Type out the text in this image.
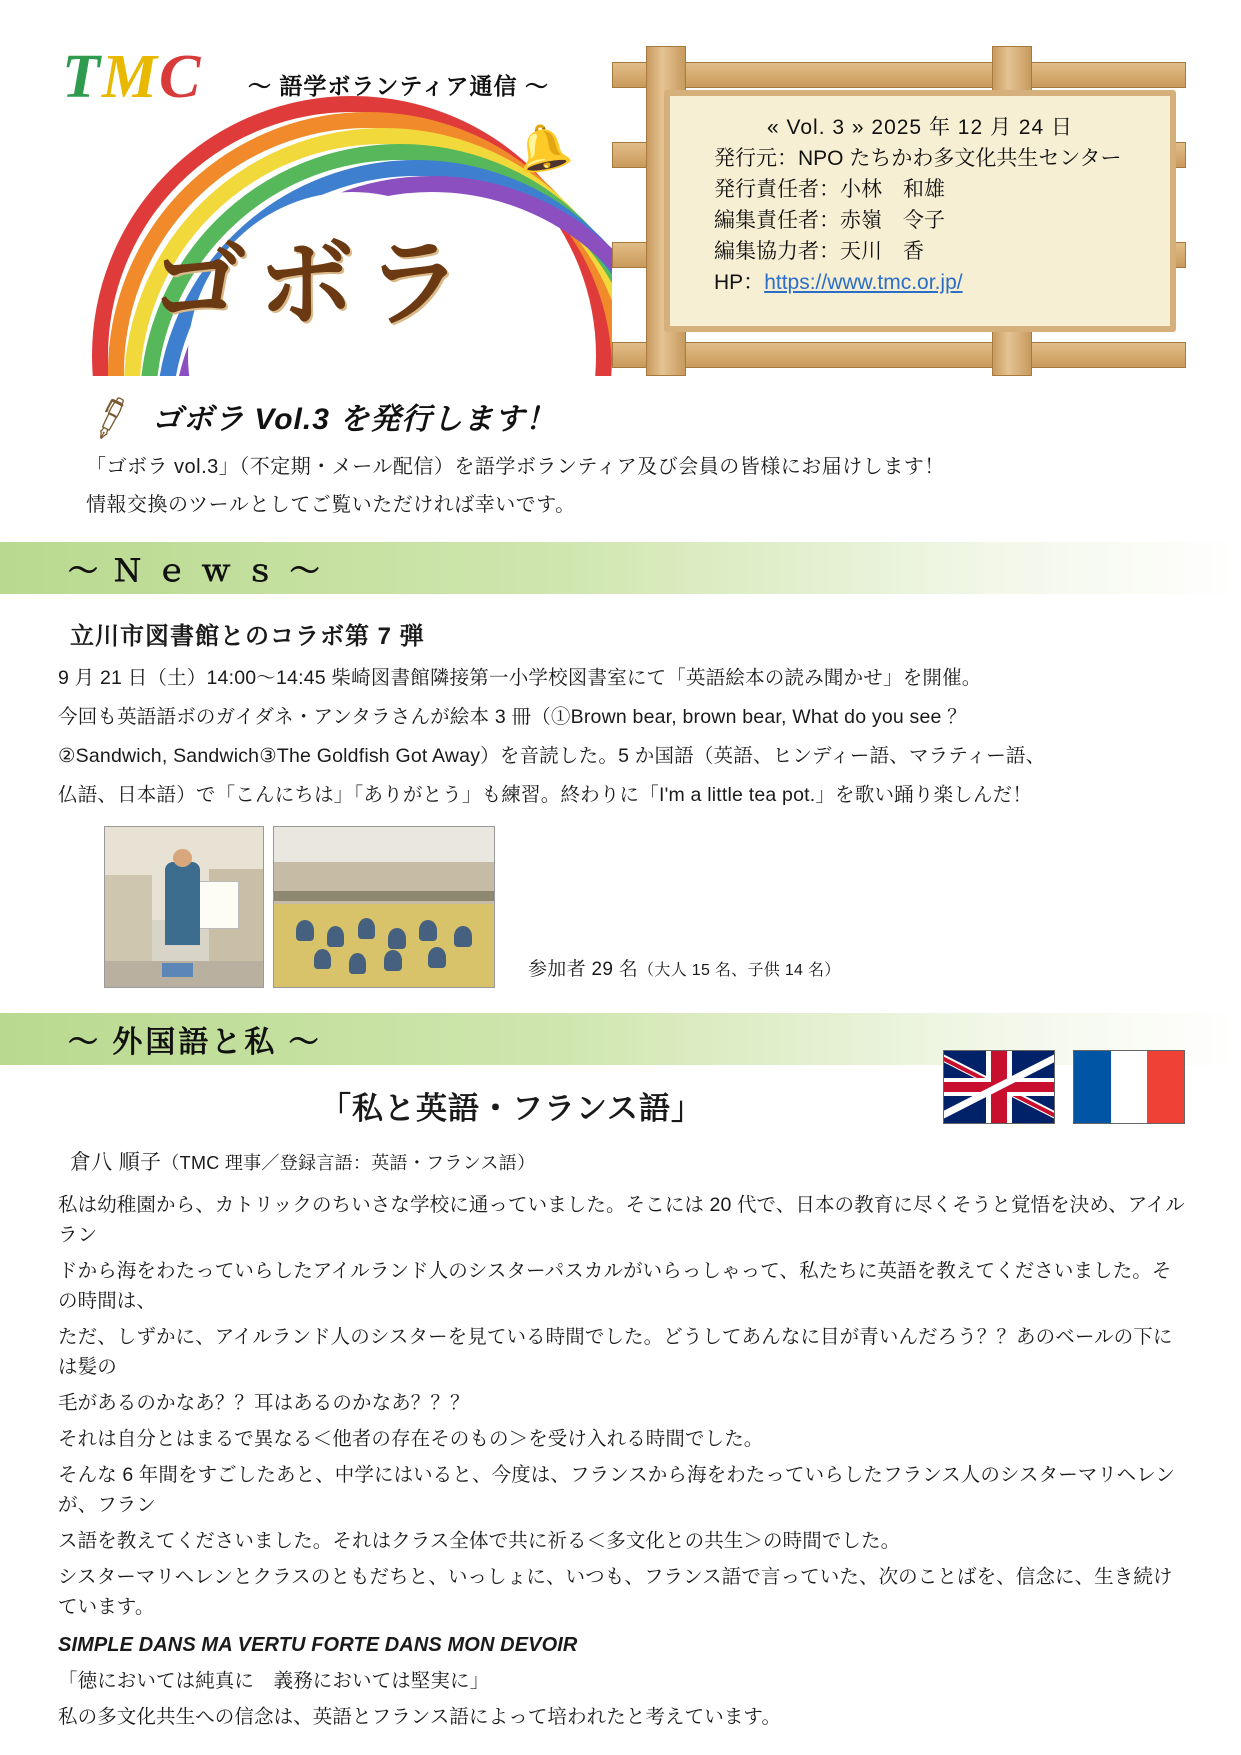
TMC 〜 語学ボランティア通信 〜
🔔
ゴボラ
« Vol. 3 » 2025 年 12 月 24 日
発行元：NPO たちかわ多文化共生センター
発行責任者：小林　和雄
編集責任者：赤嶺　令子
編集協力者：天川　香
HP：https://www.tmc.or.jp/
🖋 ゴボラ Vol.3 を発行します！

「ゴボラ vol.3」（不定期・メール配信）を語学ボランティア及び会員の皆様にお届けします！

情報交換のツールとしてご覧いただければ幸いです。

〜 Ｎ ｅ ｗ ｓ 〜
立川市図書館とのコラボ第 7 弾

9 月 21 日（土）14:00〜14:45 柴崎図書館隣接第一小学校図書室にて「英語絵本の読み聞かせ」を開催。

今回も英語語ボのガイダネ・アンタラさんが絵本 3 冊（①Brown bear, brown bear, What do you see ？

②Sandwich, Sandwich③The Goldfish Got Away）を音読した。5 か国語（英語、ヒンディー語、マラティー語、

仏語、日本語）で「こんにちは」「ありがとう」も練習。終わりに「I'm a little tea pot.」を歌い踊り楽しんだ！

参加者 29 名（大人 15 名、子供 14 名）
〜 外国語と私 〜
「私と英語・フランス語」
倉八 順子（TMC 理事／登録言語：英語・フランス語）

私は幼稚園から、カトリックのちいさな学校に通っていました。そこには 20 代で、日本の教育に尽くそうと覚悟を決め、アイルラン

ドから海をわたっていらしたアイルランド人のシスターパスカルがいらっしゃって、私たちに英語を教えてくださいました。その時間は、

ただ、しずかに、アイルランド人のシスターを見ている時間でした。どうしてあんなに目が青いんだろう？？あのベールの下には髪の

毛があるのかなあ？？耳はあるのかなあ？？？

それは自分とはまるで異なる＜他者の存在そのもの＞を受け入れる時間でした。

そんな 6 年間をすごしたあと、中学にはいると、今度は、フランスから海をわたっていらしたフランス人のシスターマリヘレンが、フラン

ス語を教えてくださいました。それはクラス全体で共に祈る＜多文化との共生＞の時間でした。

シスターマリヘレンとクラスのともだちと、いっしょに、いつも、フランス語で言っていた、次のことばを、信念に、生き続けています。

SIMPLE DANS MA VERTU FORTE DANS MON DEVOIR

「徳においては純真に　義務においては堅実に」

私の多文化共生への信念は、英語とフランス語によって培われたと考えています。
